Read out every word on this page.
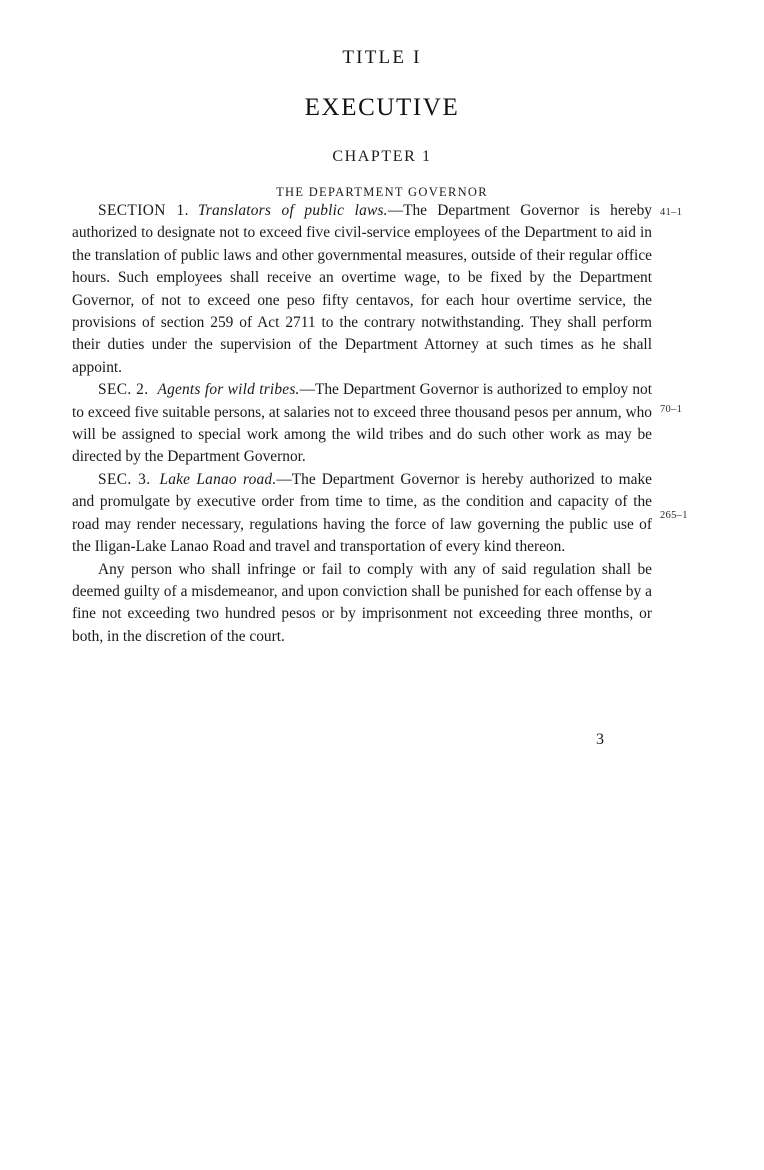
TITLE I
EXECUTIVE
CHAPTER 1
THE DEPARTMENT GOVERNOR

SECTION 1. Translators of public laws.—The Department Governor is hereby authorized to designate not to exceed five civil-service employees of the Department to aid in the translation of public laws and other governmental measures, outside of their regular office hours. Such employees shall receive an overtime wage, to be fixed by the Department Governor, of not to exceed one peso fifty centavos, for each hour overtime service, the provisions of section 259 of Act 2711 to the contrary notwithstanding. They shall perform their duties under the supervision of the Department Attorney at such times as he shall appoint.

SEC. 2. Agents for wild tribes.—The Department Governor is authorized to employ not to exceed five suitable persons, at salaries not to exceed three thousand pesos per annum, who will be assigned to special work among the wild tribes and do such other work as may be directed by the Department Governor.

SEC. 3. Lake Lanao road.—The Department Governor is hereby authorized to make and promulgate by executive order from time to time, as the condition and capacity of the road may render necessary, regulations having the force of law governing the public use of the Iligan-Lake Lanao Road and travel and transportation of every kind thereon.

Any person who shall infringe or fail to comply with any of said regulation shall be deemed guilty of a misdemeanor, and upon conviction shall be punished for each offense by a fine not exceeding two hundred pesos or by imprisonment not exceeding three months, or both, in the discretion of the court.

41–1
70–1
265–1
3
